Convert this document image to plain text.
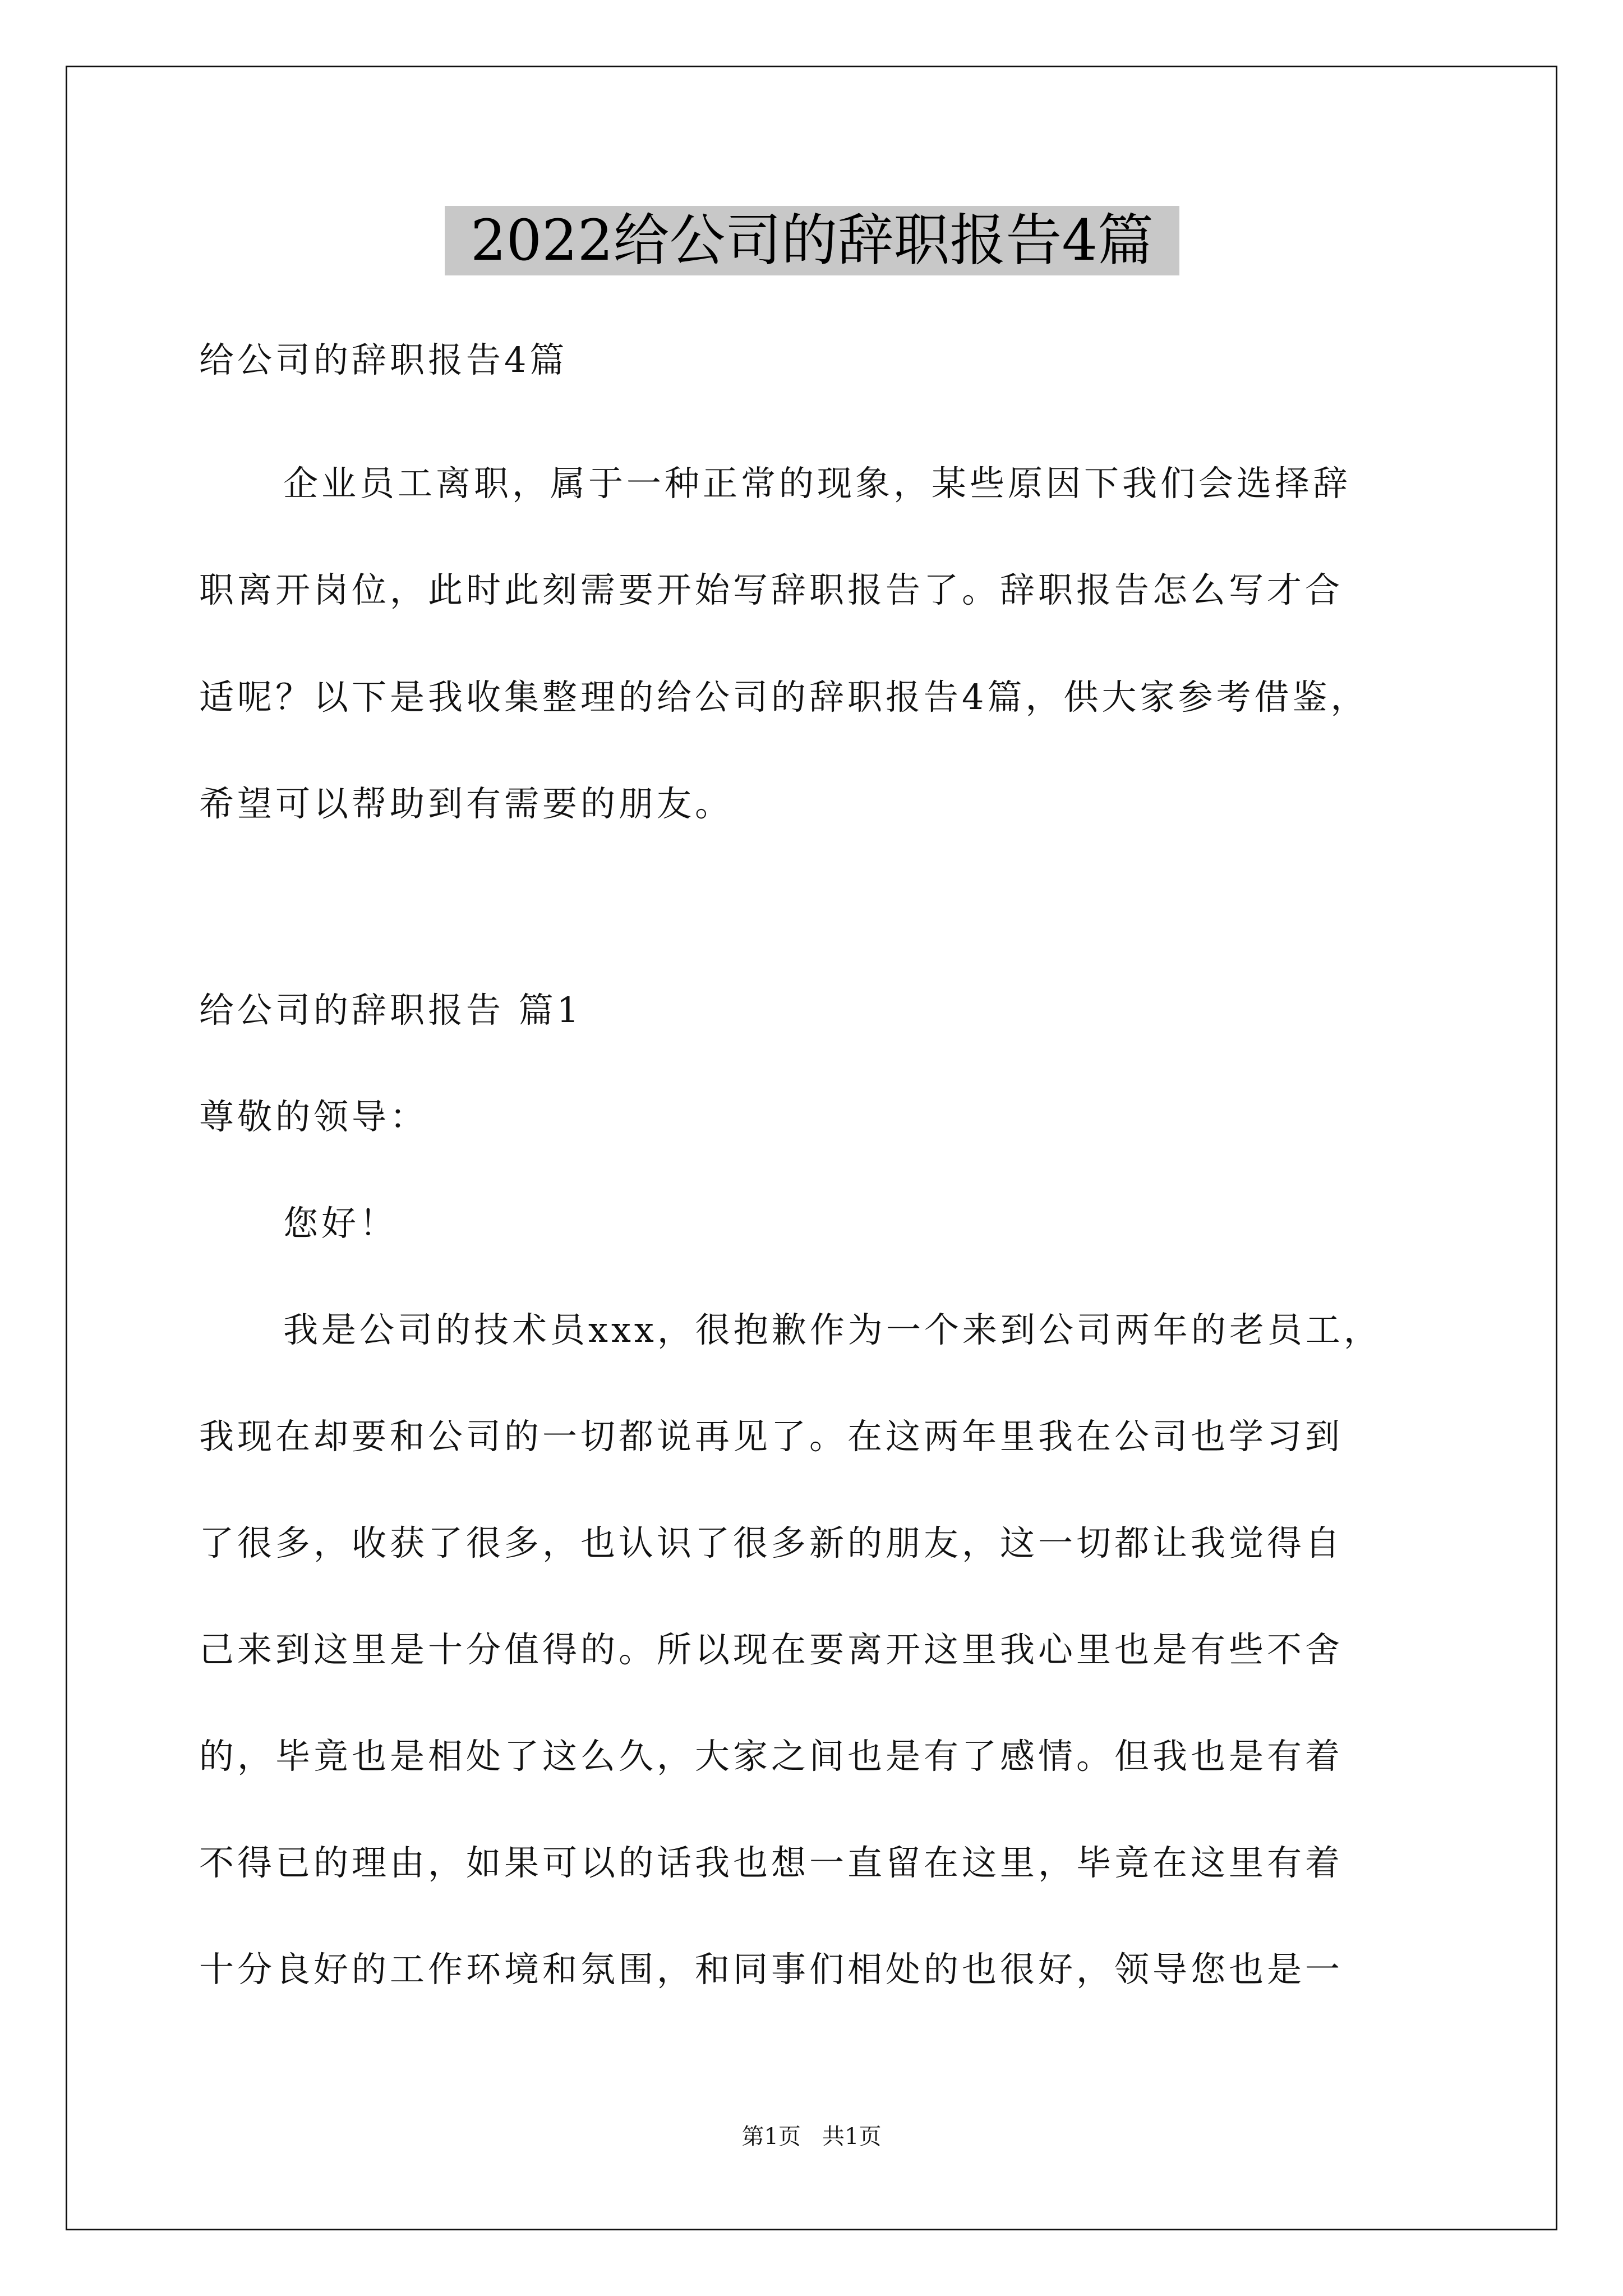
2022给公司的辞职报告4篇
给公司的辞职报告4篇
企业员工离职，属于一种正常的现象，某些原因下我们会选择辞
职离开岗位，此时此刻需要开始写辞职报告了。辞职报告怎么写才合
适呢？以下是我收集整理的给公司的辞职报告4篇，供大家参考借鉴，
希望可以帮助到有需要的朋友。
给公司的辞职报告 篇1
尊敬的领导：
您好！
我是公司的技术员xxx，很抱歉作为一个来到公司两年的老员工，
我现在却要和公司的一切都说再见了。在这两年里我在公司也学习到
了很多，收获了很多，也认识了很多新的朋友，这一切都让我觉得自
己来到这里是十分值得的。所以现在要离开这里我心里也是有些不舍
的，毕竟也是相处了这么久，大家之间也是有了感情。但我也是有着
不得已的理由，如果可以的话我也想一直留在这里，毕竟在这里有着
十分良好的工作环境和氛围，和同事们相处的也很好，领导您也是一
第1页   共1页
